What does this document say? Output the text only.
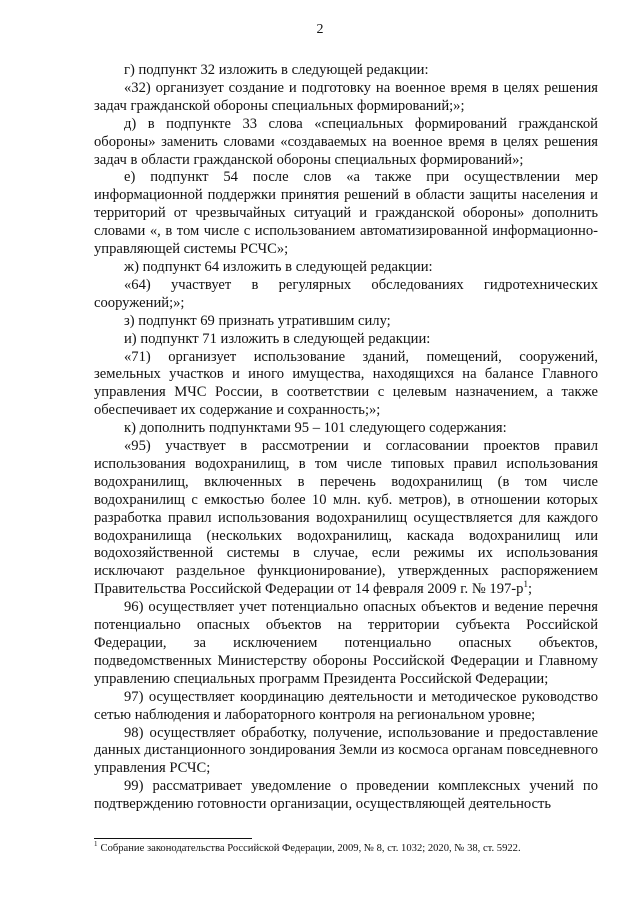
2

г) подпункт 32 изложить в следующей редакции:

«32) организует создание и подготовку на военное время в целях решения задач гражданской обороны специальных формирований;»;

д) в подпункте 33 слова «специальных формирований гражданской обороны» заменить словами «создаваемых на военное время в целях решения задач в области гражданской обороны специальных формирований»;

е) подпункт 54 после слов «а также при осуществлении мер информационной поддержки принятия решений в области защиты населения и территорий от чрезвычайных ситуаций и гражданской обороны» дополнить словами «, в том числе с использованием автоматизированной информационно-управляющей системы РСЧС»;

ж) подпункт 64 изложить в следующей редакции:

«64) участвует в регулярных обследованиях гидротехнических сооружений;»;

з) подпункт 69 признать утратившим силу;

и) подпункт 71 изложить в следующей редакции:

«71) организует использование зданий, помещений, сооружений, земельных участков и иного имущества, находящихся на балансе Главного управления МЧС России, в соответствии с целевым назначением, а также обеспечивает их содержание и сохранность;»;

к) дополнить подпунктами 95 – 101 следующего содержания:

«95) участвует в рассмотрении и согласовании проектов правил использования водохранилищ, в том числе типовых правил использования водохранилищ, включенных в перечень водохранилищ (в том числе водохранилищ с емкостью более 10 млн. куб. метров), в отношении которых разработка правил использования водохранилищ осуществляется для каждого водохранилища (нескольких водохранилищ, каскада водохранилищ или водохозяйственной системы в случае, если режимы их использования исключают раздельное функционирование), утвержденных распоряжением Правительства Российской Федерации от 14 февраля 2009 г. № 197-р$^1$;

96) осуществляет учет потенциально опасных объектов и ведение перечня потенциально опасных объектов на территории субъекта Российской Федерации, за исключением потенциально опасных объектов, подведомственных Министерству обороны Российской Федерации и Главному управлению специальных программ Президента Российской Федерации;

97) осуществляет координацию деятельности и методическое руководство сетью наблюдения и лабораторного контроля на региональном уровне;

98) осуществляет обработку, получение, использование и предоставление данных дистанционного зондирования Земли из космоса органам повседневного управления РСЧС;

99) рассматривает уведомление о проведении комплексных учений по подтверждению готовности организации, осуществляющей деятельность

$^1$ Собрание законодательства Российской Федерации, 2009, № 8, ст. 1032; 2020, № 38, ст. 5922.
